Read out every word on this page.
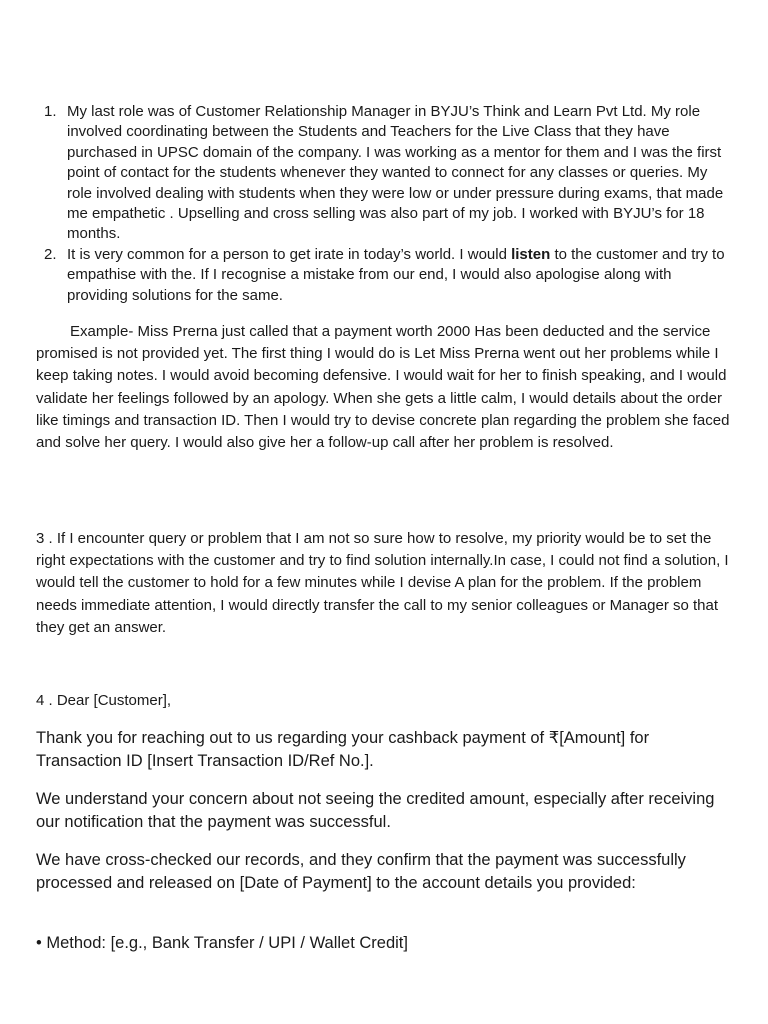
1. My last role was of Customer Relationship Manager in BYJU’s Think and Learn Pvt Ltd. My role involved coordinating between the Students and Teachers for the Live Class that they have purchased in UPSC domain of the company. I was working as a mentor for them and I was the first point of contact for the students whenever they wanted to connect for any classes or queries. My role involved dealing with students when they were low or under pressure during exams, that made me empathetic . Upselling and cross selling was also part of my job. I worked with BYJU’s for 18 months.
2. It is very common for a person to get irate in today’s world. I would listen to the customer and try to empathise with the. If I recognise a mistake from our end, I would also apologise along with providing solutions for the same.

Example- Miss Prerna just called that a payment worth 2000 Has been deducted and the service promised is not provided yet. The first thing I would do is Let Miss Prerna went out her problems while I keep taking notes. I would avoid becoming defensive. I would wait for her to finish speaking, and I would validate her feelings followed by an apology. When she gets a little calm, I would details about the order like timings and transaction ID. Then I would try to devise concrete plan regarding the problem she faced and solve her query. I would also give her a follow-up call after her problem is resolved.

3 . If I encounter query or problem that I am not so sure how to resolve, my priority would be to set the right expectations with the customer and try to find solution internally.In case, I could not find a solution, I would tell the customer to hold for a few minutes while I devise A plan for the problem. If the problem needs immediate attention, I would directly transfer the call to my senior colleagues or Manager so that they get an answer.

4 . Dear [Customer],

Thank you for reaching out to us regarding your cashback payment of ₹[Amount] for Transaction ID [Insert Transaction ID/Ref No.].

We understand your concern about not seeing the credited amount, especially after receiving our notification that the payment was successful.

We have cross-checked our records, and they confirm that the payment was successfully processed and released on [Date of Payment] to the account details you provided:

• Method: [e.g., Bank Transfer / UPI / Wallet Credit]
